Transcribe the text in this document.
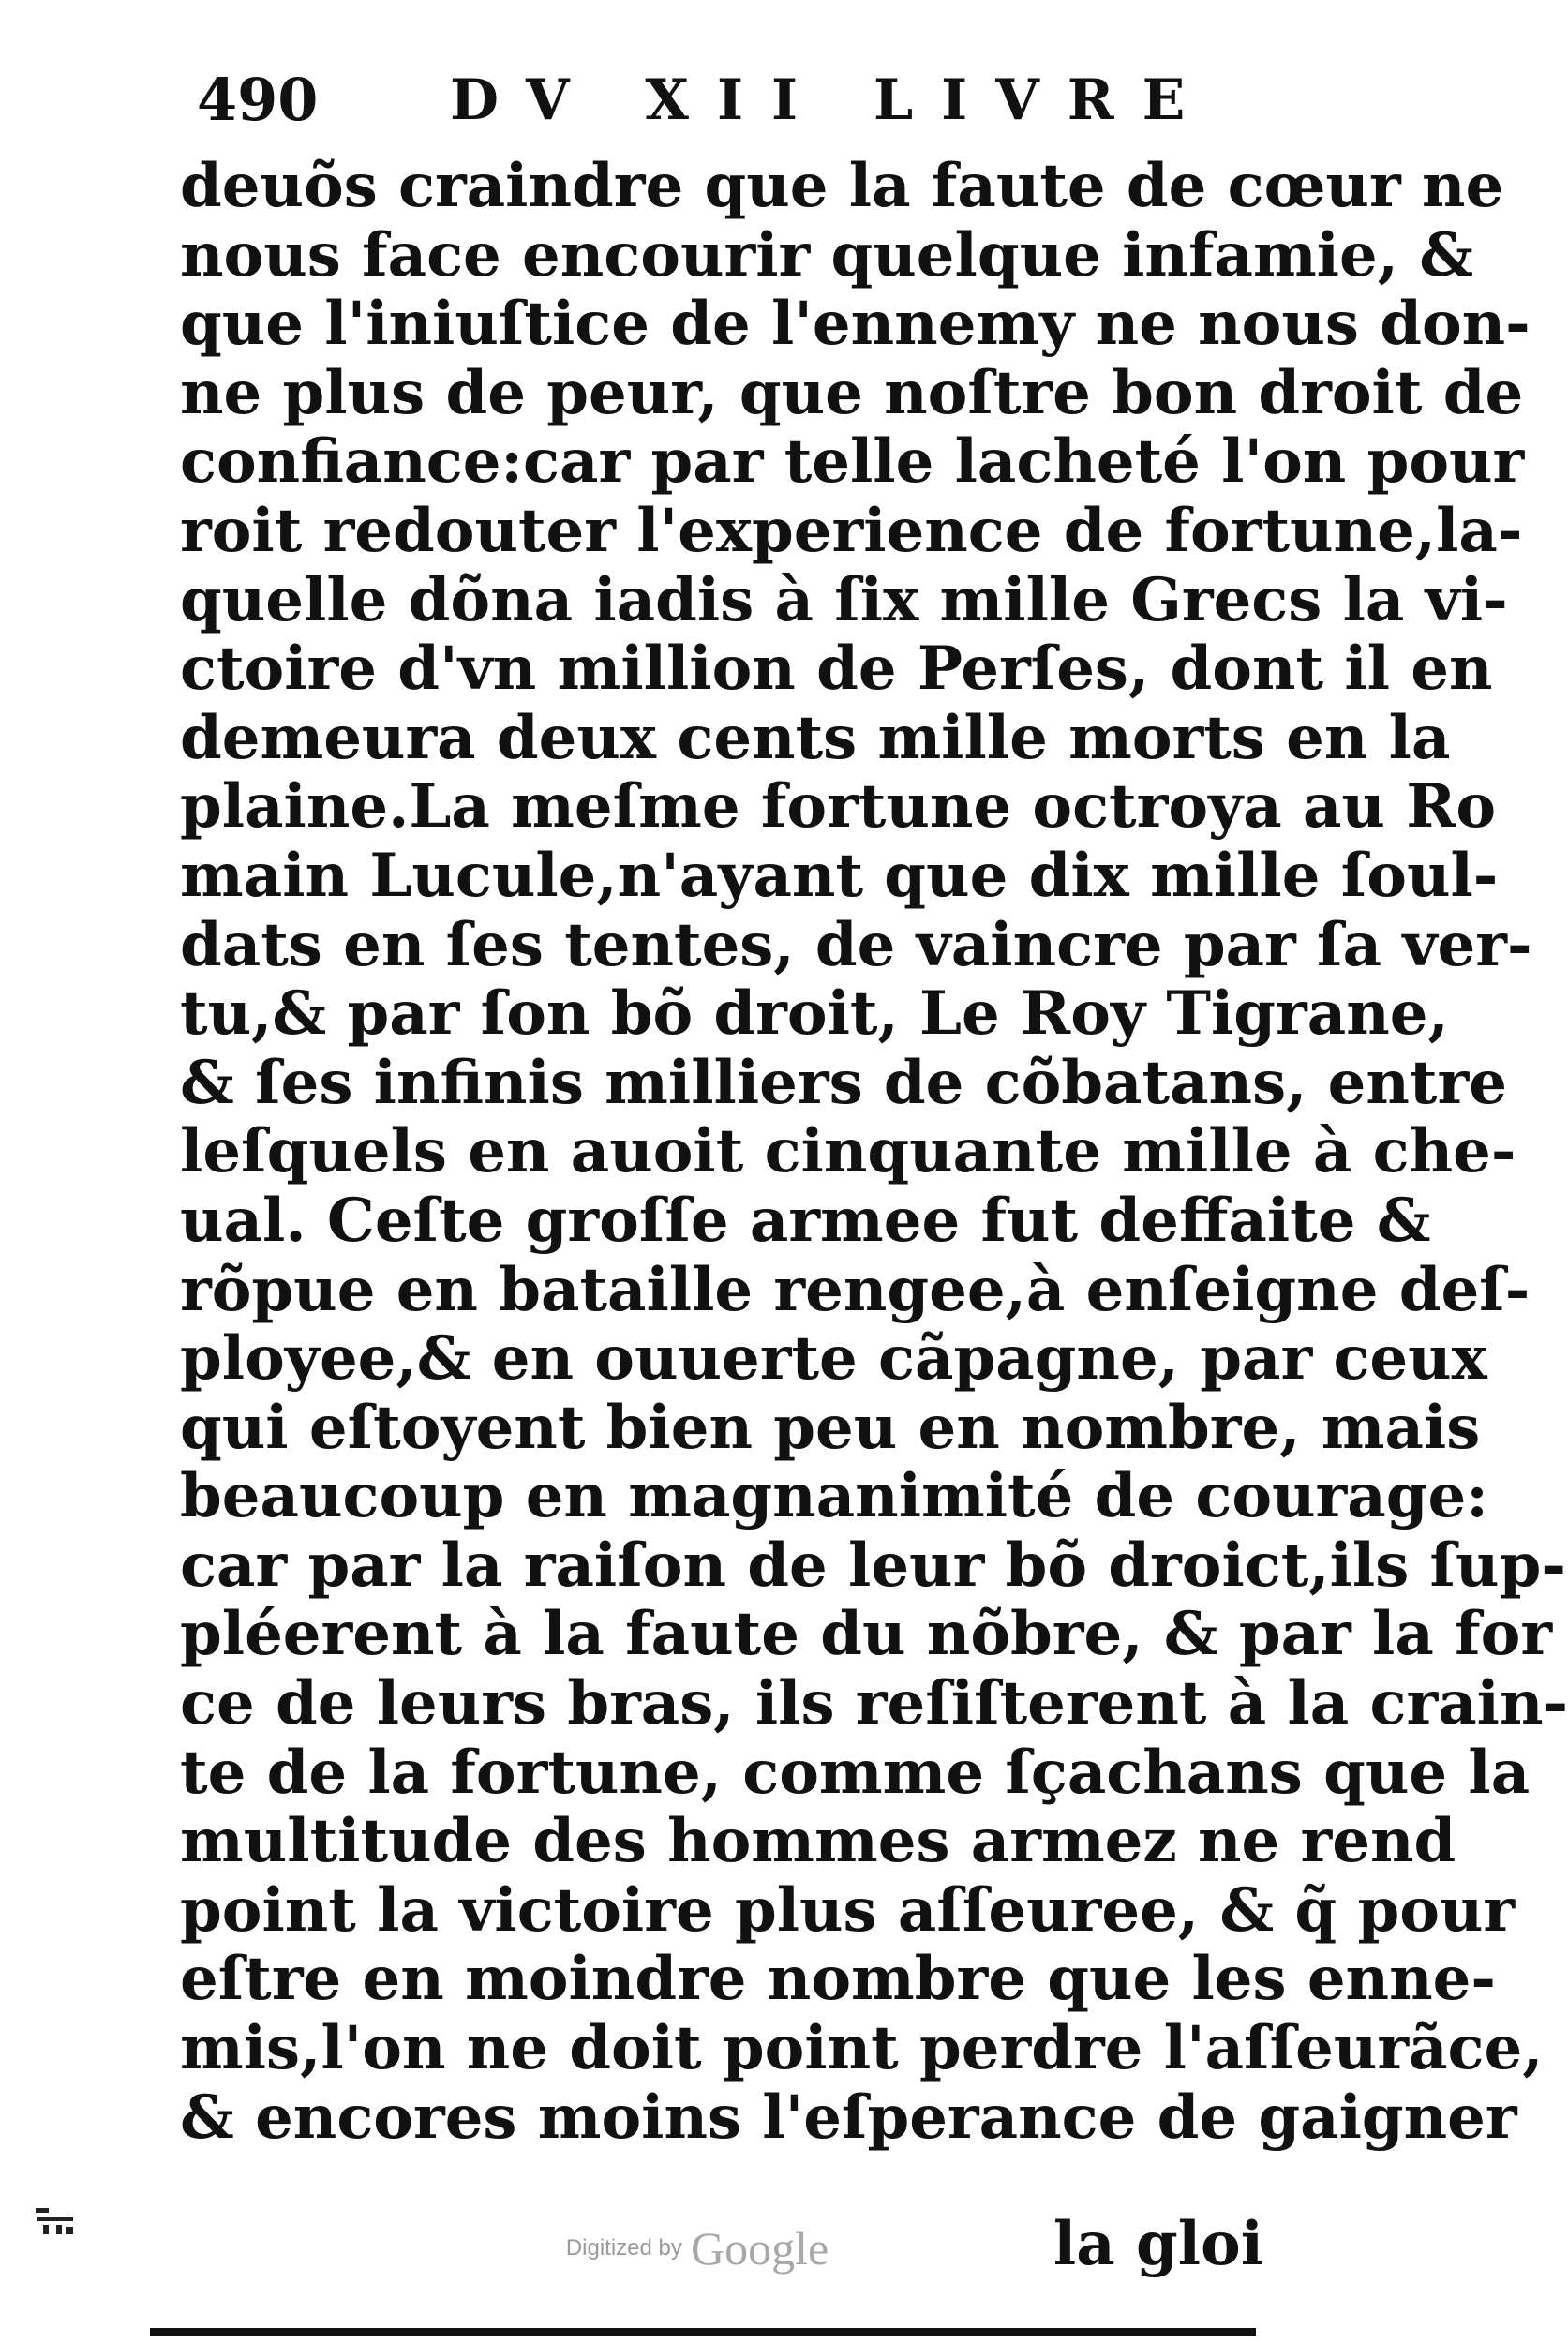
490 DV XII LIVRE
deuõs craindre que la faute de cœur ne
nous face encourir quelque infamie, &
que l'iniuſtice de l'ennemy ne nous don-
ne plus de peur, que noſtre bon droit de
confiance:car par telle lacheté l'on pour
roit redouter l'experience de fortune,la-
quelle dõna iadis à ſix mille Grecs la vi-
ctoire d'vn million de Perſes, dont il en
demeura deux cents mille morts en la
plaine.La meſme fortune octroya au Ro
main Lucule,n'ayant que dix mille ſoul-
dats en ſes tentes, de vaincre par ſa ver-
tu,& par ſon bõ droit, Le Roy Tigrane,
& ſes infinis milliers de cõbatans, entre
leſquels en auoit cinquante mille à che-
ual. Ceſte groſſe armee fut deffaite &
rõpue en bataille rengee,à enſeigne deſ-
ployee,& en ouuerte cãpagne, par ceux
qui eſtoyent bien peu en nombre, mais
beaucoup en magnanimité de courage:
car par la raiſon de leur bõ droict,ils ſup-
pléerent à la faute du nõbre, & par la for
ce de leurs bras, ils reſiſterent à la crain-
te de la fortune, comme ſçachans que la
multitude des hommes armez ne rend
point la victoire plus aſſeuree, & q̃ pour
eſtre en moindre nombre que les enne-
mis,l'on ne doit point perdre l'aſſeurãce,
& encores moins l'eſperance de gaigner
la gloi
Digitized by Google
